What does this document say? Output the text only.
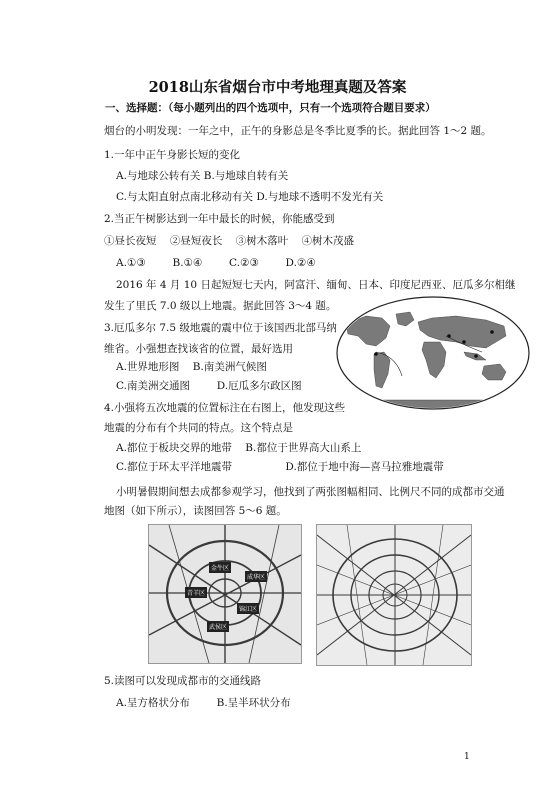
2018山东省烟台市中考地理真题及答案
一、选择题：（每小题列出的四个选项中，只有一个选项符合题目要求）
烟台的小明发现：一年之中，正午的身影总是冬季比夏季的长。据此回答 1～2 题。
1.一年中正午身影长短的变化
A.与地球公转有关 B.与地球自转有关
C.与太阳直射点南北移动有关 D.与地球不透明不发光有关
2.当正午树影达到一年中最长的时候，你能感受到
①昼长夜短    ②昼短夜长    ③树木落叶    ④树木茂盛
A.①③        B.①④        C.②③        D.②④
2016 年 4 月 10 日起短短七天内，阿富汗、缅甸、日本、印度尼西亚、厄瓜多尔相继
发生了里氏 7.0 级以上地震。据此回答 3～4 题。
3.厄瓜多尔 7.5 级地震的震中位于该国西北部马纳
维省。小强想查找该省的位置，最好选用
A.世界地形图    B.南美洲气候图
C.南美洲交通图        D.厄瓜多尔政区图
4.小强将五次地震的位置标注在右图上，他发现这些
地震的分布有个共同的特点。这个特点是
A.都位于板块交界的地带    B.都位于世界高大山系上
C.都位于环太平洋地震带                D.都位于地中海—喜马拉雅地震带
小明暑假期间想去成都参观学习，他找到了两张图幅相同、比例尺不同的成都市交通
地图（如下所示），读图回答 5～6 题。
金牛区
成华区
青羊区
锦江区
武侯区
5.读图可以发现成都市的交通线路
A.呈方格状分布        B.呈半环状分布
1
